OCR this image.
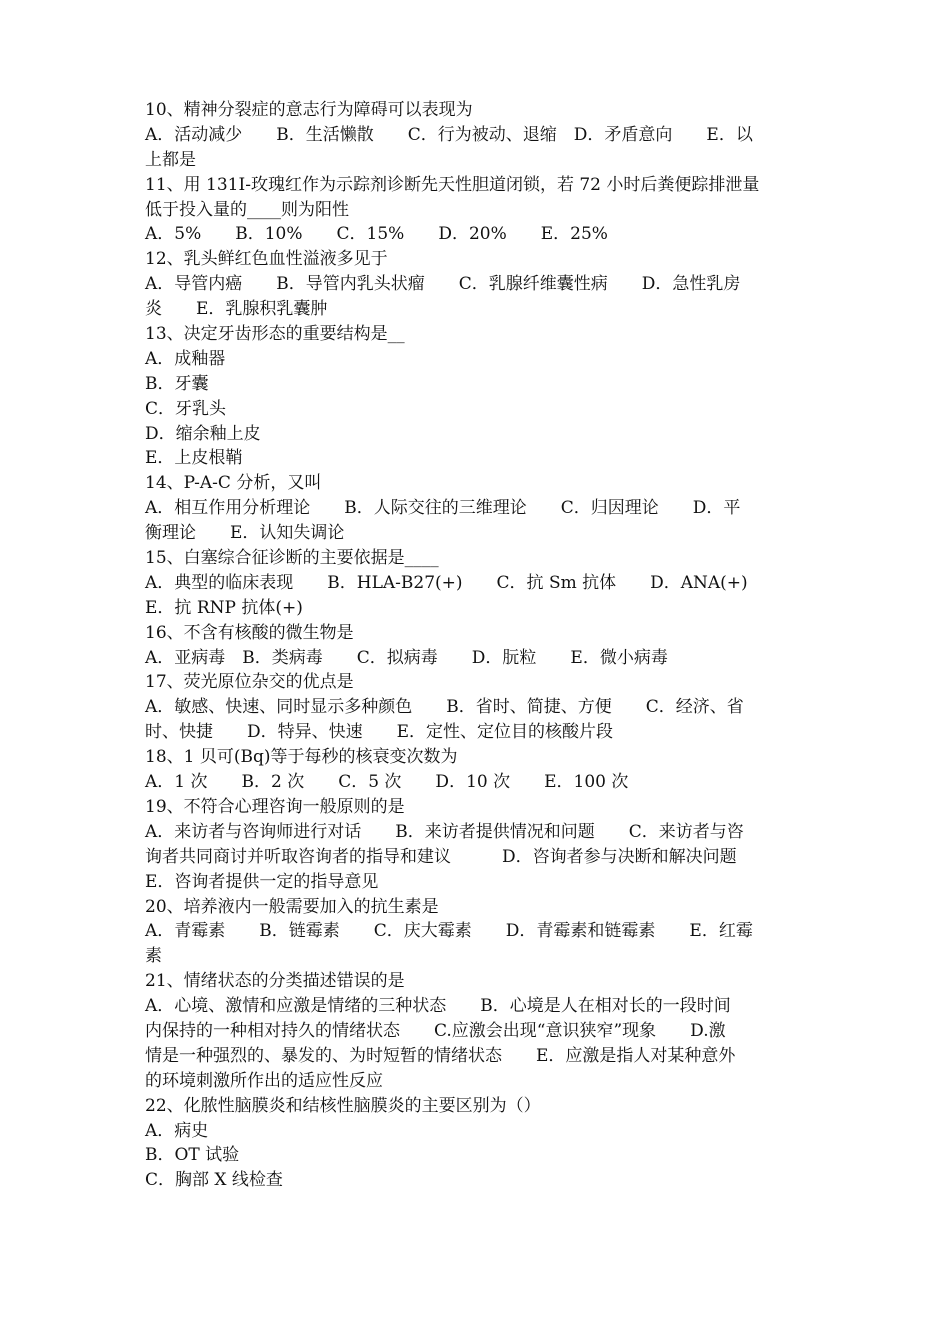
10、精神分裂症的意志行为障碍可以表现为
A．活动减少　　B．生活懒散　　C．行为被动、退缩　D．矛盾意向　　E．以
上都是
11、用 131I-玫瑰红作为示踪剂诊断先天性胆道闭锁，若 72 小时后粪便踪排泄量
低于投入量的____则为阳性
A．5%　　B．10%　　C．15%　　D．20%　　E．25%
12、乳头鲜红色血性溢液多见于
A．导管内癌　　B．导管内乳头状瘤　　C．乳腺纤维囊性病　　D．急性乳房
炎　　E．乳腺积乳囊肿
13、决定牙齿形态的重要结构是__
A．成釉器
B．牙囊
C．牙乳头
D．缩余釉上皮
E．上皮根鞘
14、P-A-C 分析，又叫
A．相互作用分析理论　　B．人际交往的三维理论　　C．归因理论　　D．平
衡理论　　E．认知失调论
15、白塞综合征诊断的主要依据是____
A．典型的临床表现　　B．HLA-B27(+)　　C．抗 Sm 抗体　　D．ANA(+)
E．抗 RNP 抗体(+)
16、不含有核酸的微生物是
A．亚病毒　B．类病毒　　C．拟病毒　　D．朊粒　　E．微小病毒
17、荧光原位杂交的优点是
A．敏感、快速、同时显示多种颜色　　B．省时、简捷、方便　　C．经济、省
时、快捷　　D．特异、快速　　E．定性、定位目的核酸片段
18、1 贝可(Bq)等于每秒的核衰变次数为
A．1 次　　B．2 次　　C．5 次　　D．10 次　　E．100 次
19、不符合心理咨询一般原则的是
A．来访者与咨询师进行对话　　B．来访者提供情况和问题　　C．来访者与咨
询者共同商讨并听取咨询者的指导和建议　　　D．咨询者参与决断和解决问题
E．咨询者提供一定的指导意见
20、培养液内一般需要加入的抗生素是
A．青霉素　　B．链霉素　　C．庆大霉素　　D．青霉素和链霉素　　E．红霉
素
21、情绪状态的分类描述错误的是
A．心境、激情和应激是情绪的三种状态　　B．心境是人在相对长的一段时间
内保持的一种相对持久的情绪状态　　C.应激会出现“意识狭窄”现象　　D.激
情是一种强烈的、暴发的、为时短暂的情绪状态　　E．应激是指人对某种意外
的环境刺激所作出的适应性反应
22、化脓性脑膜炎和结核性脑膜炎的主要区别为（）
A．病史
B．OT 试验
C．胸部 X 线检查
